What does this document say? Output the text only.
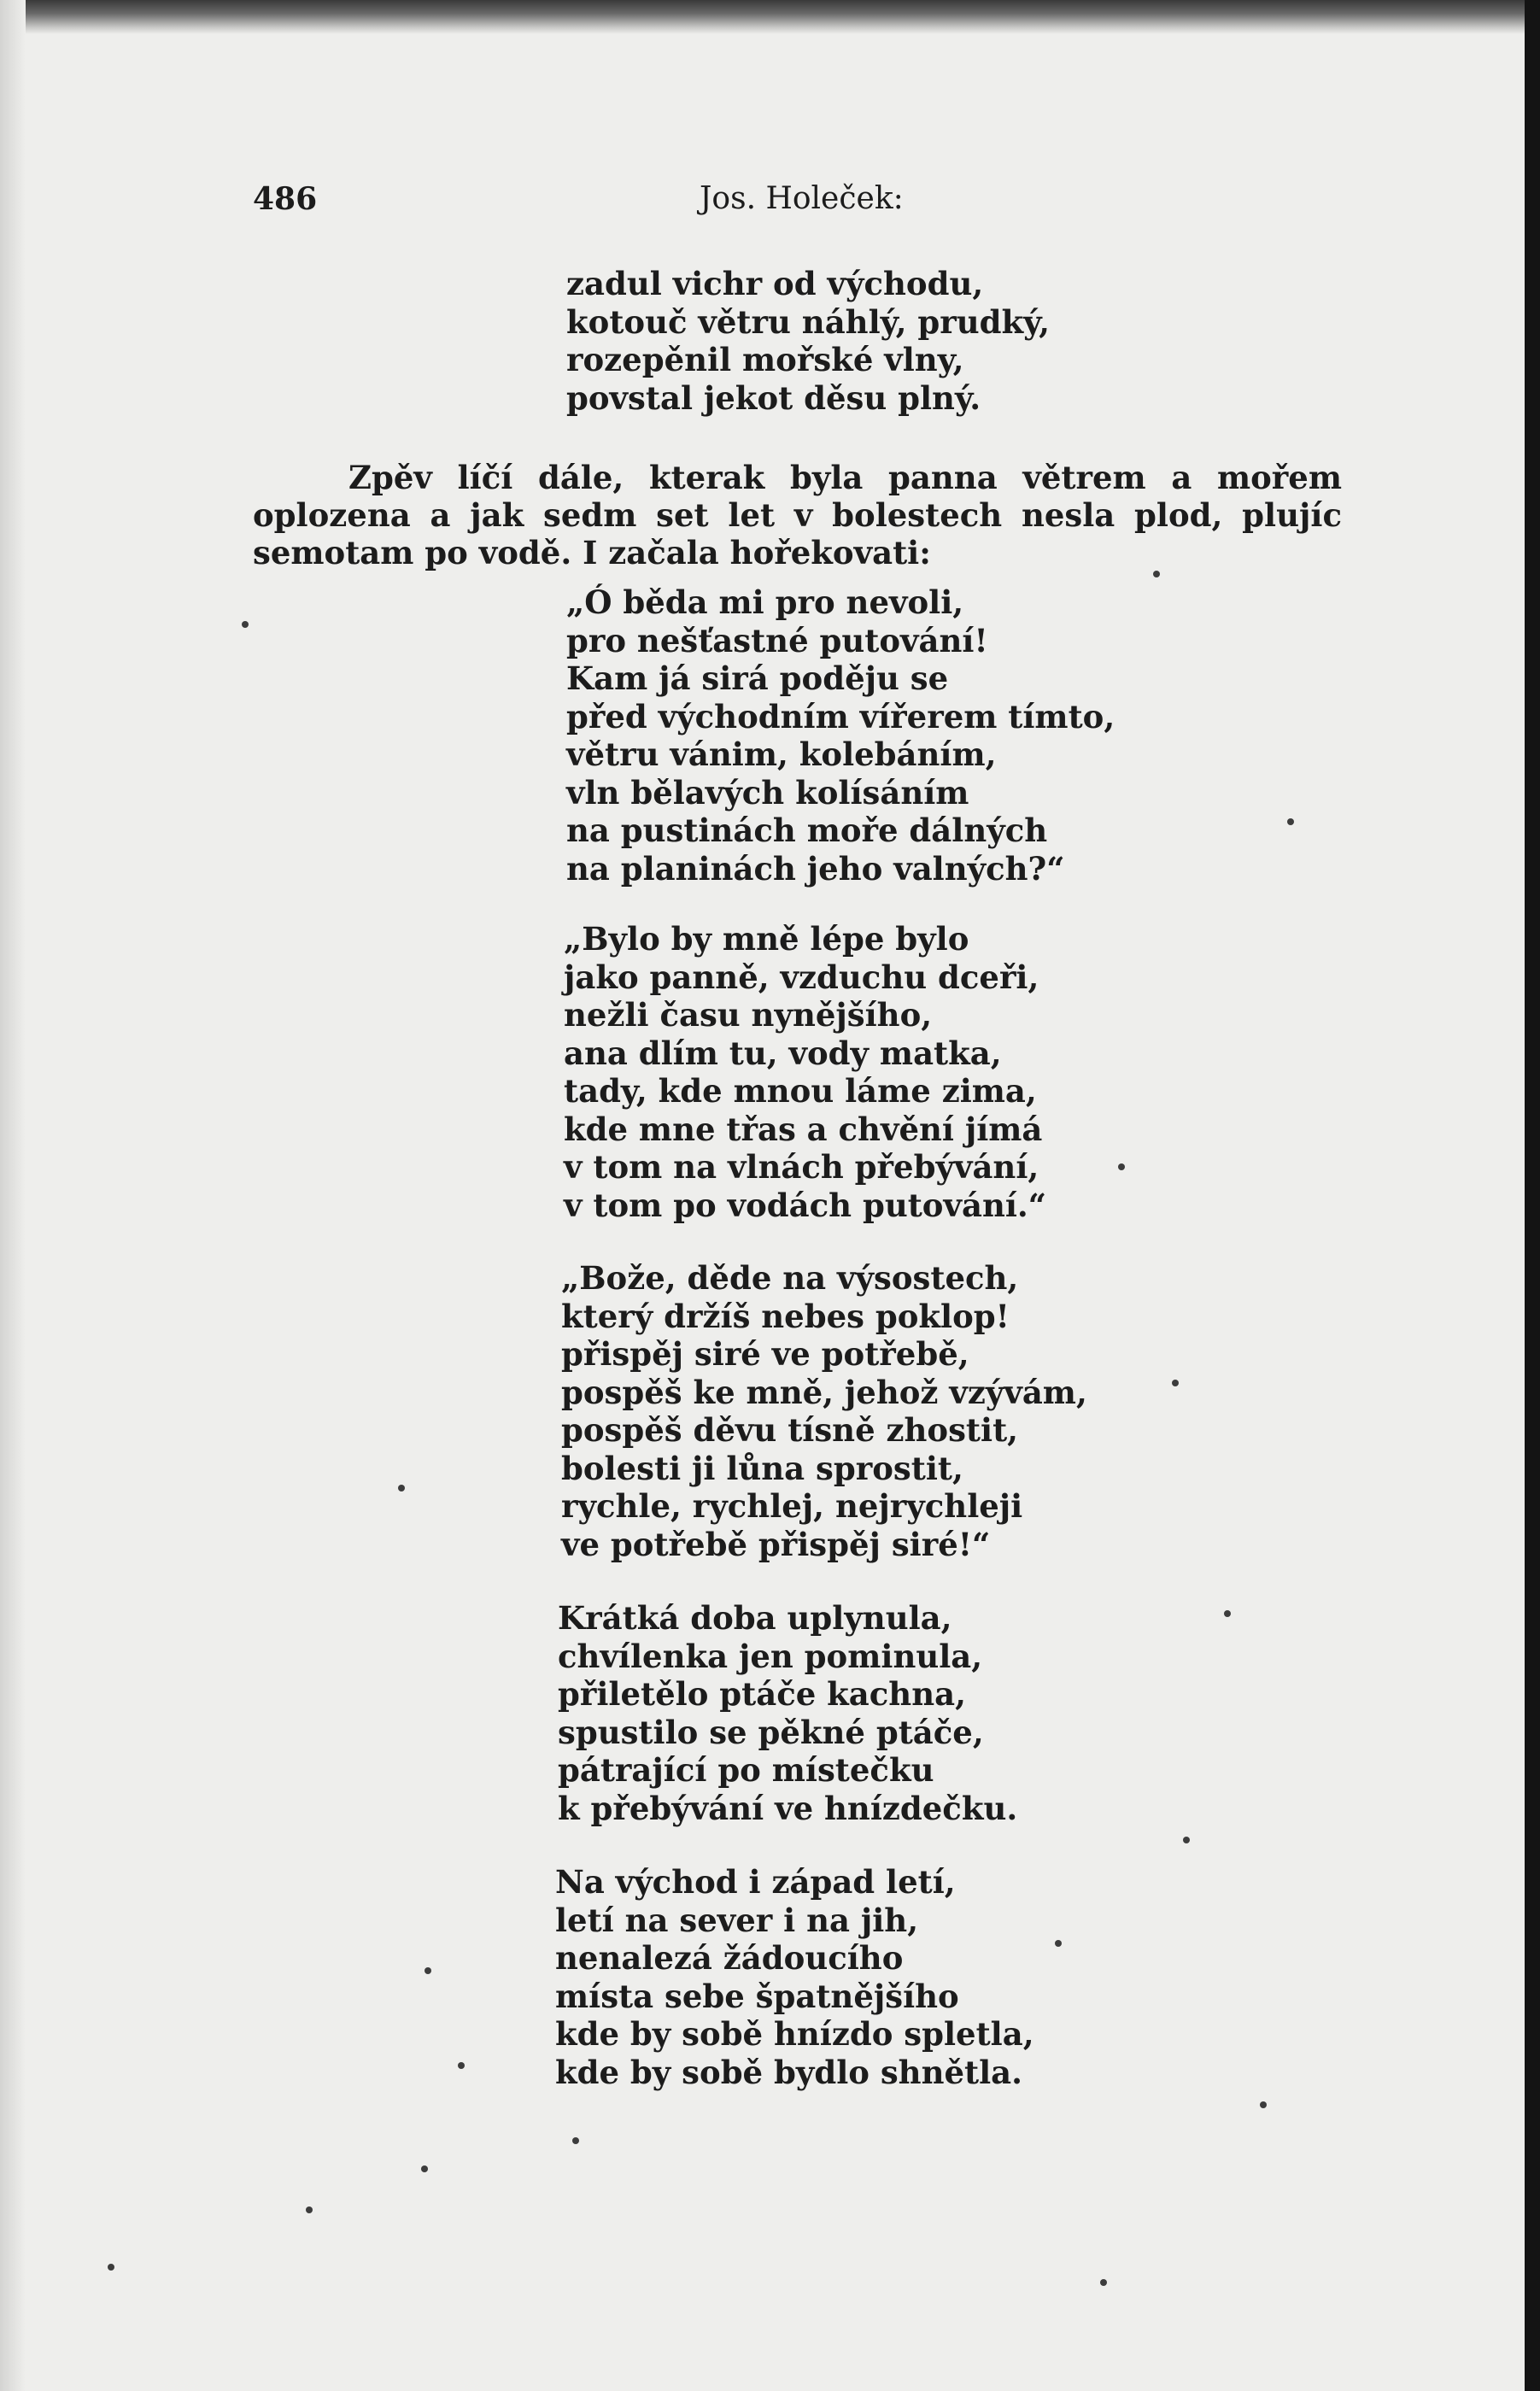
486	Jos. Holeček:
zadul vichr od východu,
kotouč větru náhlý, prudký,
rozepěnil mořské vlny,
povstal jekot děsu plný.

Zpěv líčí dále, kterak byla panna větrem a mořem oplozena a jak sedm set let v bolestech nesla plod, plujíc semotam po vodě. I začala hořekovati:

„Ó běda mi pro nevoli,
pro nešťastné putování!
Kam já sirá poděju se
před východním vířerem tímto,
větru vánim, kolebáním,
vln bělavých kolísáním
na pustinách moře dálných
na planinách jeho valných?“
„Bylo by mně lépe bylo
jako panně, vzduchu dceři,
nežli času nynějšího,
ana dlím tu, vody matka,
tady, kde mnou láme zima,
kde mne třas a chvění jímá
v tom na vlnách přebývání,
v tom po vodách putování.“
„Bože, děde na výsostech,
který držíš nebes poklop!
přispěj siré ve potřebě,
pospěš ke mně, jehož vzývám,
pospěš děvu tísně zhostit,
bolesti ji lůna sprostit,
rychle, rychlej, nejrychleji
ve potřebě přispěj siré!“
Krátká doba uplynula,
chvílenka jen pominula,
přiletělo ptáče kachna,
spustilo se pěkné ptáče,
pátrající po místečku
k přebývání ve hnízdečku.
Na východ i západ letí,
letí na sever i na jih,
nenalezá žádoucího
místa sebe špatnějšího
kde by sobě hnízdo spletla,
kde by sobě bydlo shnětla.
